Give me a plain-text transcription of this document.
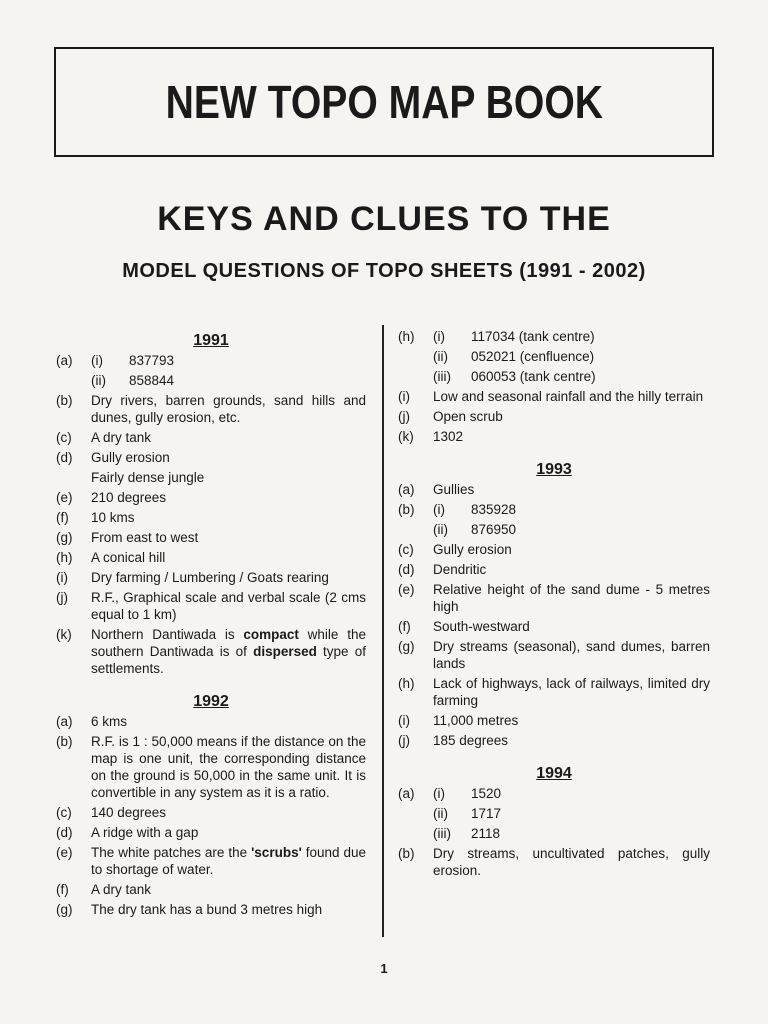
NEW TOPO MAP BOOK
KEYS AND CLUES TO THE
MODEL QUESTIONS OF TOPO SHEETS (1991 - 2002)
1991
(a)	(i)	837793
(ii)	858844
(b)	Dry rivers, barren grounds, sand hills and dunes, gully erosion, etc.
(c)	A dry tank
(d)	Gully erosion
Fairly dense jungle
(e)	210 degrees
(f)	10 kms
(g)	From east to west
(h)	A conical hill
(i)	Dry farming / Lumbering / Goats rearing
(j)	R.F., Graphical scale and verbal scale (2 cms equal to 1 km)
(k)	Northern Dantiwada is compact while the southern Dantiwada is of dispersed type of settlements.
1992
(a)	6 kms
(b)	R.F. is 1 : 50,000 means if the distance on the map is one unit, the corresponding distance on the ground is 50,000 in the same unit. It is convertible in any system as it is a ratio.
(c)	140 degrees
(d)	A ridge with a gap
(e)	The white patches are the 'scrubs' found due to shortage of water.
(f)	A dry tank
(g)	The dry tank has a bund 3 metres high
(h)	(i)	117034 (tank centre)
(ii)	052021 (cenfluence)
(iii)	060053 (tank centre)
(i)	Low and seasonal rainfall and the hilly terrain
(j)	Open scrub
(k)	1302
1993
(a)	Gullies
(b)	(i)	835928
(ii)	876950
(c)	Gully erosion
(d)	Dendritic
(e)	Relative height of the sand dume - 5 metres high
(f)	South-westward
(g)	Dry streams (seasonal), sand dumes, barren lands
(h)	Lack of highways, lack of railways, limited dry farming
(i)	11,000 metres
(j)	185 degrees
1994
(a)	(i)	1520
(ii)	1717
(iii)	2118
(b)	Dry streams, uncultivated patches, gully erosion.
1
